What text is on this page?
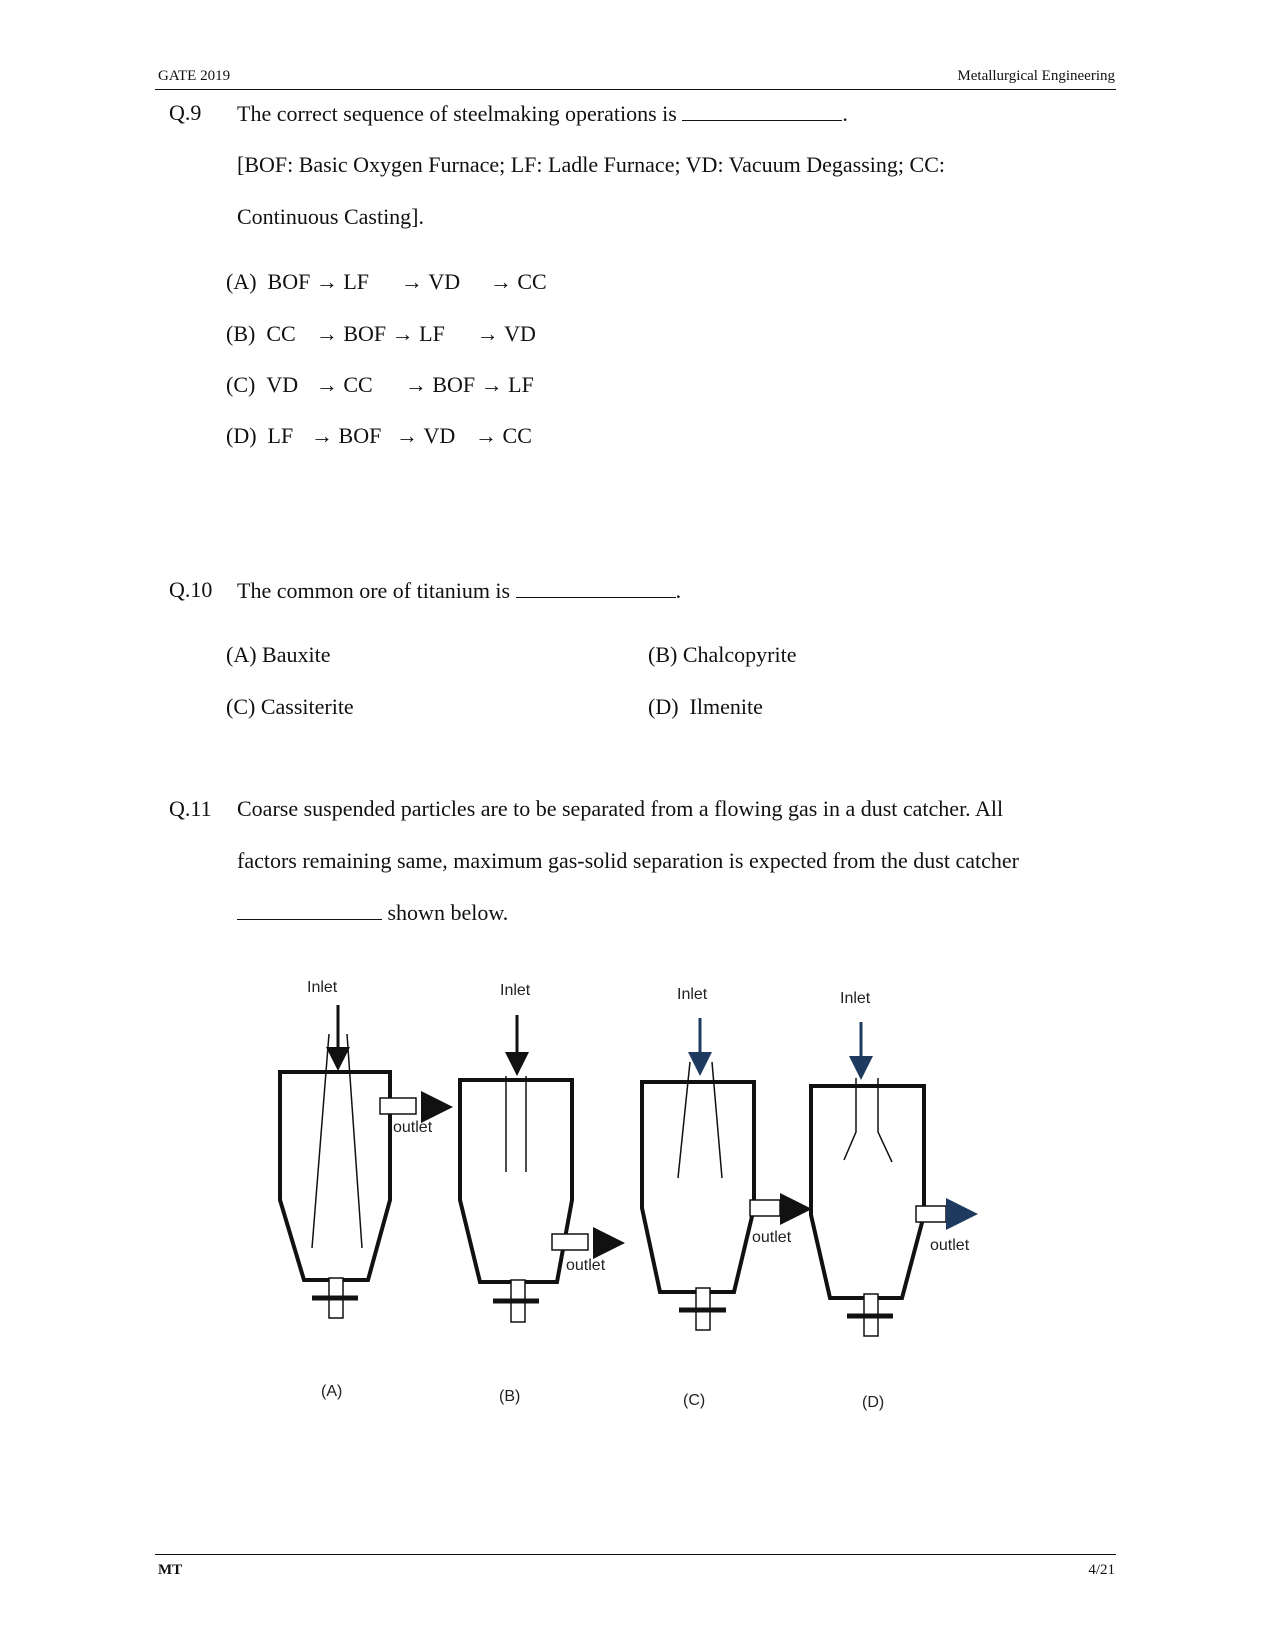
GATE 2019	Metallurgical Engineering
Q.9 The correct sequence of steelmaking operations is	.
[BOF: Basic Oxygen Furnace; LF: Ladle Furnace; VD: Vacuum Degassing; CC:
Continuous Casting].
(A) BOF → LF → VD → CC
(B) CC → BOF → LF → VD
(C) VD → CC → BOF → LF
(D) LF → BOF → VD → CC
Q.10 The common ore of titanium is	.
(A) Bauxite	(B) Chalcopyrite
(C) Cassiterite	(D) Ilmenite
Q.11 Coarse suspended particles are to be separated from a flowing gas in a dust catcher. All
factors remaining same, maximum gas-solid separation is expected from the dust catcher
shown below.
Inlet
outlet
(A)
Inlet
outlet
(B)
Inlet
outlet
(C)
Inlet
outlet
(D)
MT	4/21
